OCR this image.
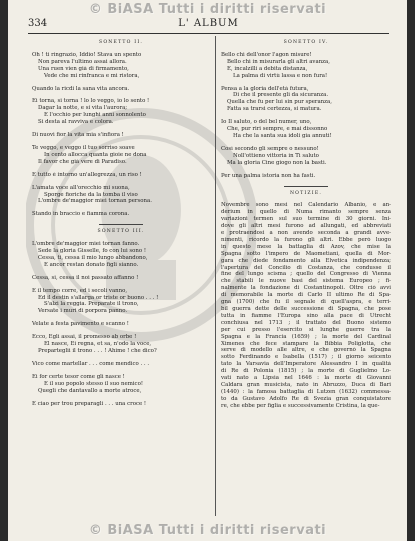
© BiASA Tutti i diritti riservati
334	L' ALBUM
SONETTO II.
Oh ! ti ringrazio, Iddio! Stava un spento
Non pareva l'ultimo assai allora.
Una ruen vien già di firmamento,
Vede che mi rinfranca e mi ristora,
Quando la ricdi la sana vita ancora.
Ei torna, si torna ! lo lo veggo, io lo sento !
Dagar la notte, e si vita l'aurora;
E l'occhio per lunghi anni sonnolento
Si desta al ravviva e colora.
Di nuovi fior la vita mia s'infiora !
Te veggo, e veggo il tuo sorriso soave
In cento allocca quanta gioie ne dona
Il favor che già vere di Paradiso.
E tutto è intorno un'allegrezza, un riso !
L'amata voce all'orecchio mi suona,
Sporge fioriche da la tomba il viso
L'ombre de'maggior miei tornan persona.
Stando in braccio e fiamma corona.
SONETTO III.
L'ombre de'maggior miei tornan fanno.
Sede la gloria Gisselle, fo con lui sono !
Cessa, ti, cessa il mio lungo abbandono,
E ancor restan donato figli sianno.
Cessa, si, cessa il noi passato affanno !
E il tempo corre, ed i secoli vanno,
Ed il destin s'allarga or triste or buono . . . !
S'alzi la reggia. Preparate il trono,
Versate i muri di porpora panno.
Velate a festa pavimento e scanno !
Ecco, Egli assai, il promesso ab orbe !
El nasce, Ei regna, et sa, n'odo la voce,
Preparteglii il trono . . . ! Ahime ! che dico?
Vico come martellar . . . come mendico . . .
Ei for certe tesor come gli nasce !
E il suo popolo stesso il suo nemico!
Quegli che dantavallo a morte atroce,
E ciao per trou preparagli . . . una croce !
SONETTO IV.
Bello chi dell'onor l'agon misure!
Bello chi in misurarla gli altri avanza,
E, incalzilli a debita distanza,
La palma di virtù lassa e non fura!
Pensa a la gloria dell'età futura,
Di che il presente gli da sicuranza.
Quella che fu per lui sin pur speranza,
Fatta sa trarsi certezza, si matura.
Io Il saluto, o del bel numer, uno,
Che, pur riri sempre, e mai dissonno
Ha che la santa sua idoli gia annuti!
Così secondo gli sempre o nessuno!
Noll'ottieno vittoria in Ti saluto
Ma la gloria Cine giogo non la basti.
Per una palma istoria non ha fasti.
NOTIZIE.
Novembre sono mesi nel Calendario Albanio, e an-
derium in quello di Numa rimanto sempre senza
variazioni termen sul suo termine di 30 giorni. Ini-
dove gli altri mesi furono ad allungati, ed abbreviati
e protraendosi a non avendo seconda a grandi avve-
nimenti, ricordo la furono gli altri. Ebbe però luogo
in questo mese la battaglia di Azov, che mise la
Spagna sotto l'impero de Maometiani, quella di Mor-
gara che diede fondamento alla Elvetica indipendenza;
l'apertura del Concilio di Costanza, che condusse il
fine del lungo scisma ; quello del Congresso di Vienna
che stabili le nuove basi del sistema Europeo ; fi-
nalmente la fondazione di Costantinopoli. Oltre ciò avvi
di memorabile la morte di Carlo II ultimo Re di Spa-
gna (1700) che fu il segnale di quell'aspra, e terri-
bil guerra dette delle successione di Spagna, che pose
tutta in fiamme l'Europa sino alla pace di Utrecht
conchiusa nel 1713 ; il trattato del Buono sistemo
per cui presso l'esercito si lunghe guerre tra la
Spagna e la Francia (1659) ; la morte del Cardinal
Ximenes che fece stampare la Bibbia Poliglotta, che
serve di modello alle altre, e che governò la Spagna
sotto Ferdinando e Isabella (1517) ; il giorno seicento
tato la Varsavia dell'Imperatore Alessandro I in qualità
di Re di Polonia (1815) ; la morte di Guglielmo Lo-
vati nato a Lipsia nel 1646 : la morte di Giovanni
Caldara gran musicista, nato in Abruzzo, Duca di Bari
(1440) : la famosa battaglia di Lutzen (1632) commessa-
to da Gustavo Adolfo Re di Svezia gran conquistatore
re, che ebbe per figlia e successivamente Cristina, la que-
© BiASA Tutti i diritti riservati
